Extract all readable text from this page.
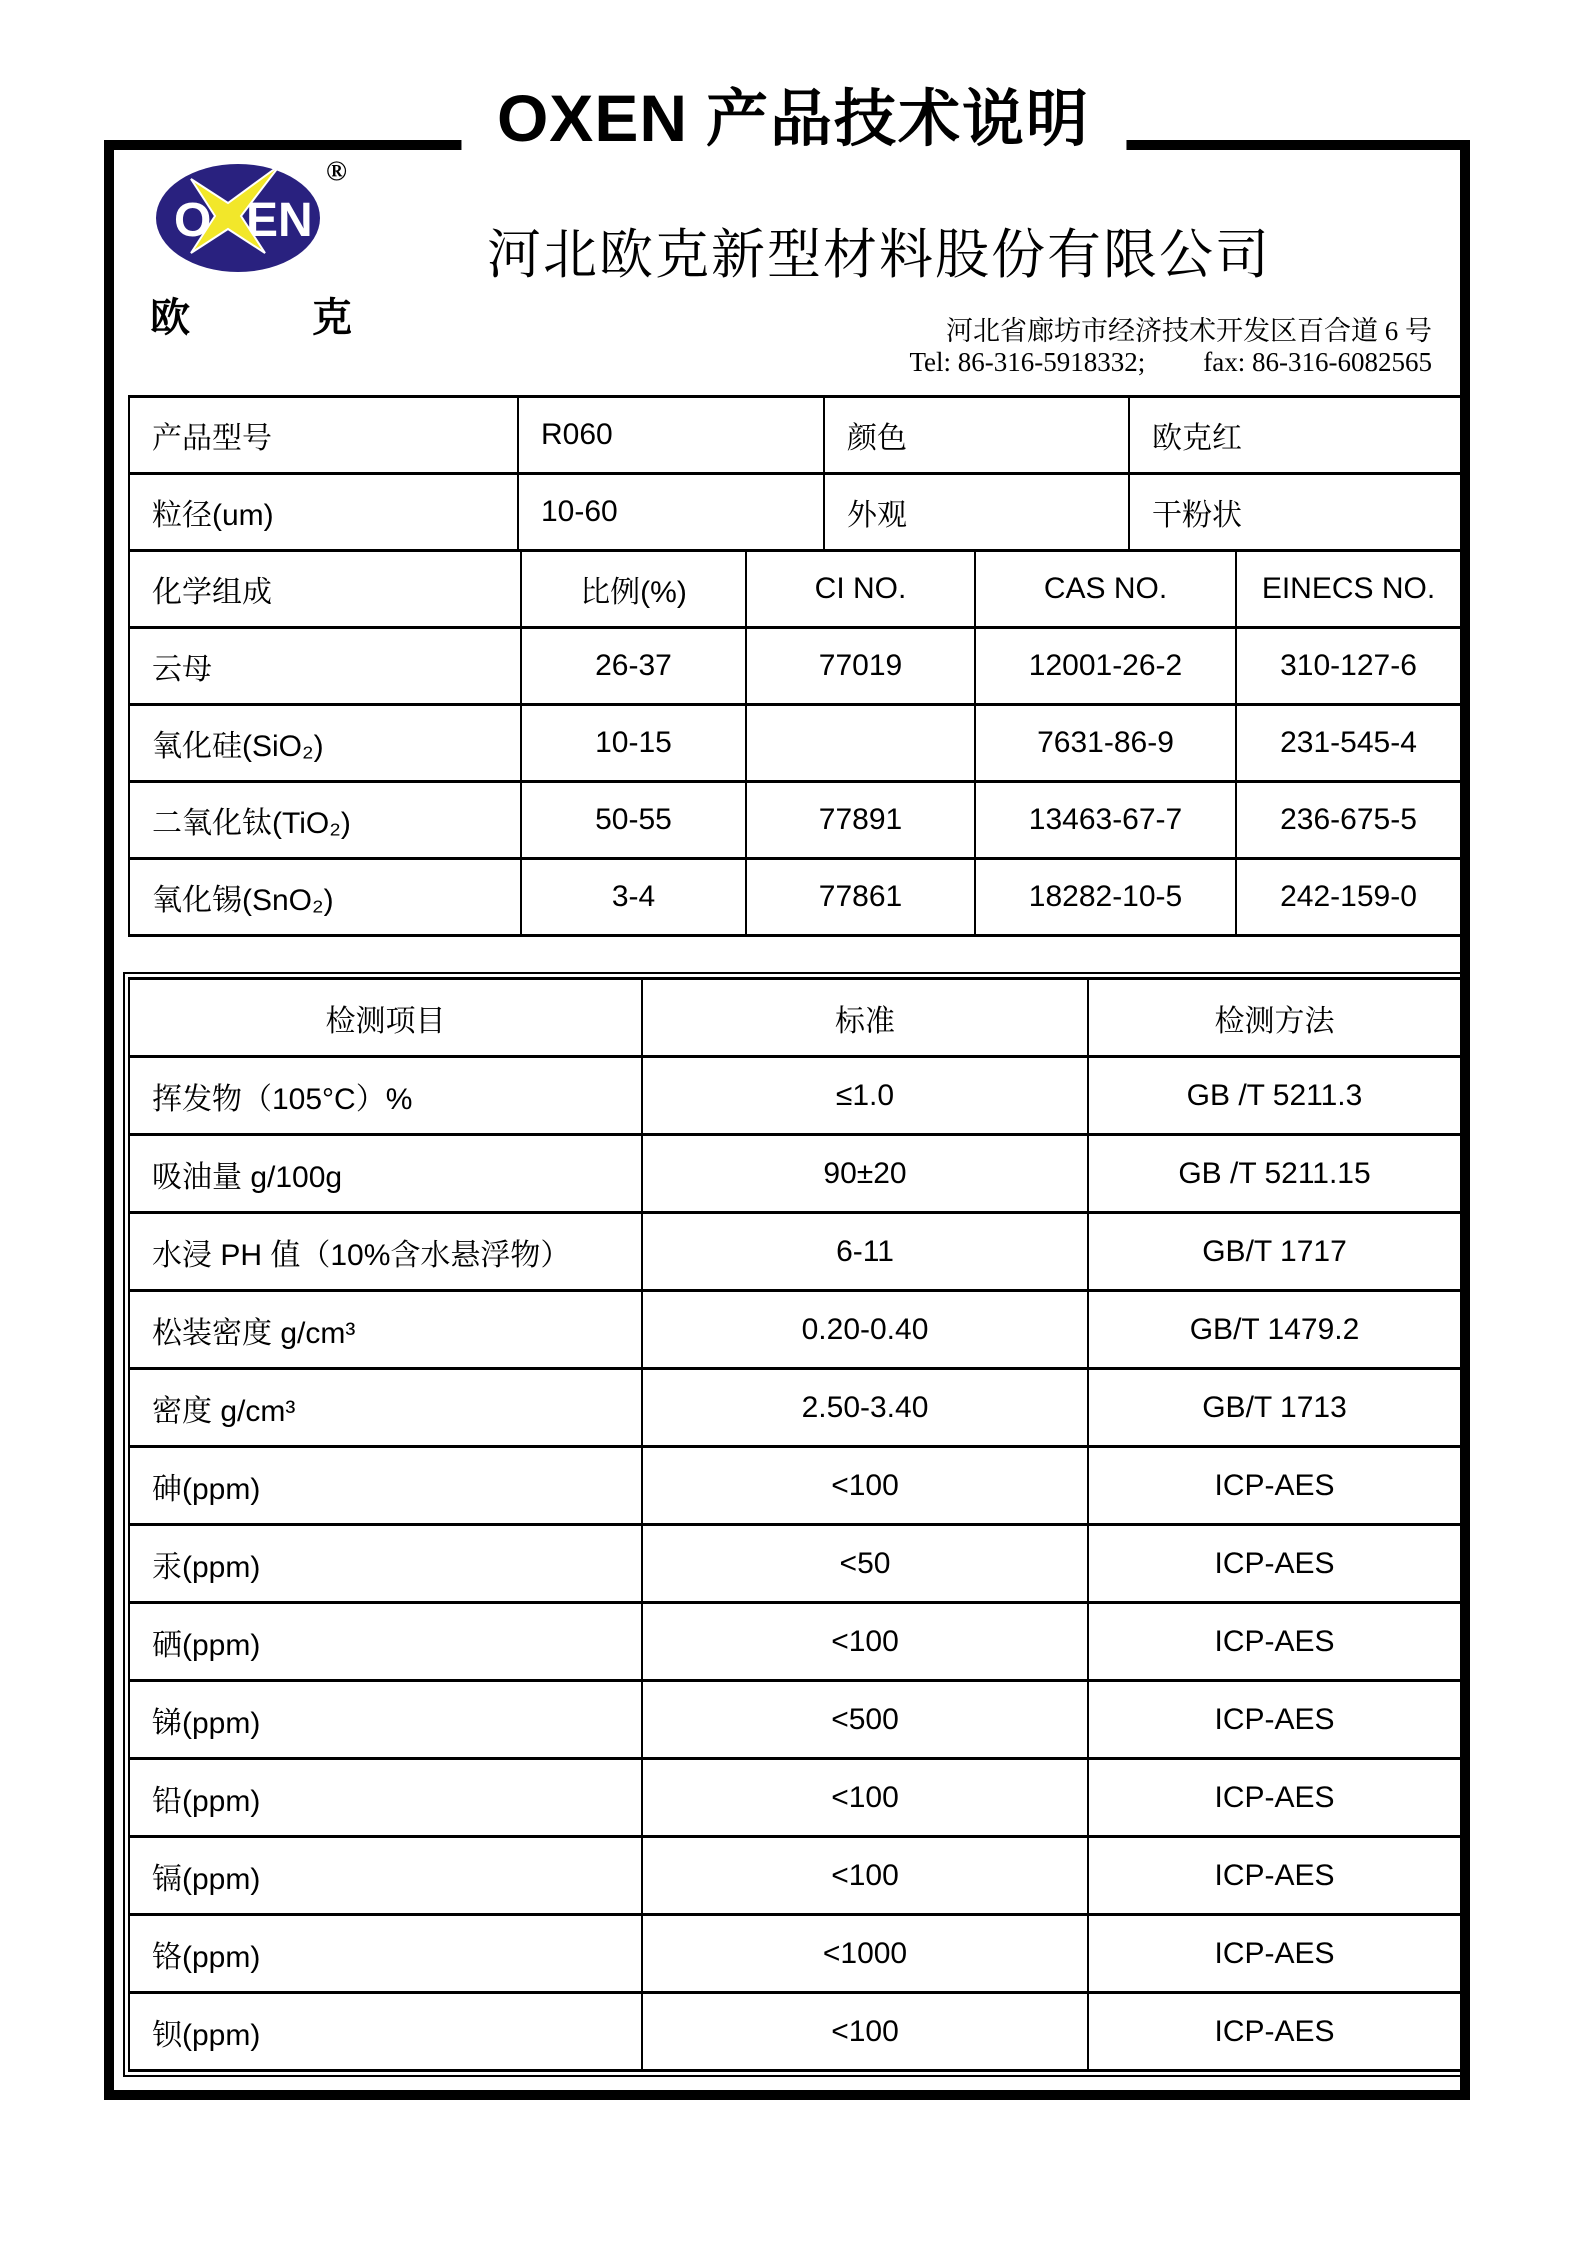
OXEN 产品技术说明
O EN
®
欧	克
河北欧克新型材料股份有限公司
河北省廊坊市经济技术开发区百合道 6 号
Tel: 86-316-5918332; fax: 86-316-6082565
产品型号	R060	颜色	欧克红
粒径(um)	10-60	外观	干粉状
化学组成	比例(%)	CI NO.	CAS NO.	EINECS NO.
云母	26-37	77019	12001-26-2	310-127-6
氧化硅(SiO₂)	10-15		7631-86-9	231-545-4
二氧化钛(TiO₂)	50-55	77891	13463-67-7	236-675-5
氧化锡(SnO₂)	3-4	77861	18282-10-5	242-159-0
检测项目	标准	检测方法
挥发物（105°C）%	≤1.0	GB /T 5211.3
吸油量 g/100g	90±20	GB /T 5211.15
水浸 PH 值（10%含水悬浮物）	6-11	GB/T 1717
松装密度 g/cm³	0.20-0.40	GB/T 1479.2
密度 g/cm³	2.50-3.40	GB/T 1713
砷(ppm)	<100	ICP-AES
汞(ppm)	<50	ICP-AES
硒(ppm)	<100	ICP-AES
锑(ppm)	<500	ICP-AES
铅(ppm)	<100	ICP-AES
镉(ppm)	<100	ICP-AES
铬(ppm)	<1000	ICP-AES
钡(ppm)	<100	ICP-AES
